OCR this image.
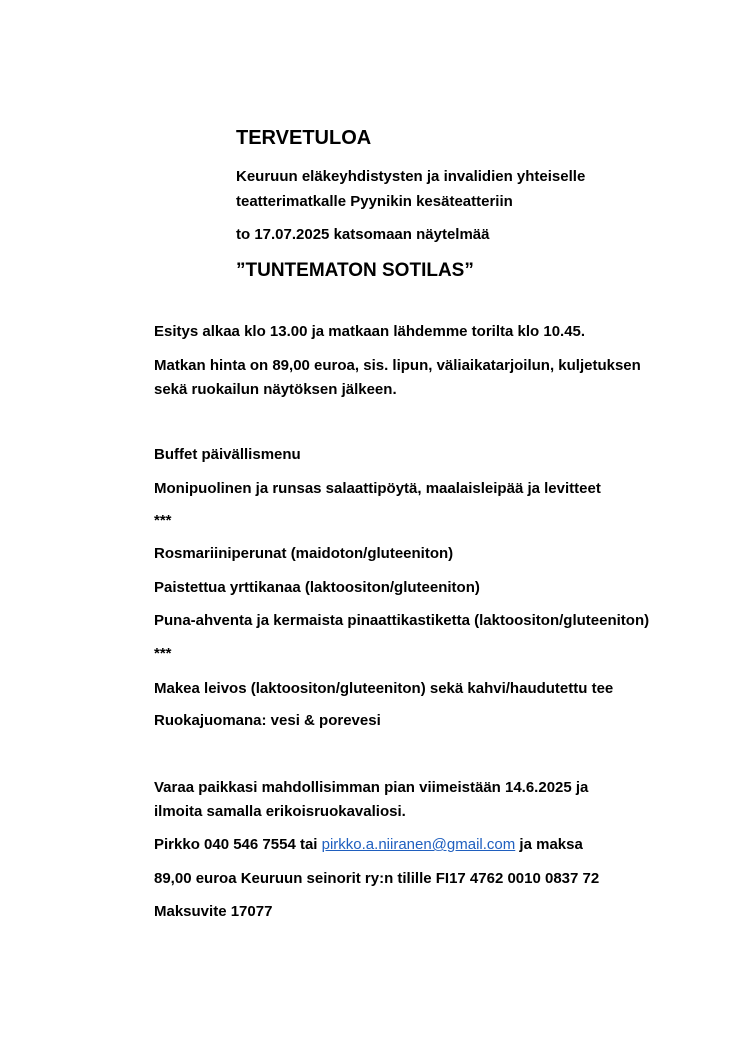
TERVETULOA
Keuruun eläkeyhdistysten ja invalidien yhteiselle
teatterimatkalle Pyynikin kesäteatteriin
to 17.07.2025 katsomaan näytelmää
”TUNTEMATON SOTILAS”
Esitys alkaa klo 13.00 ja matkaan lähdemme torilta klo 10.45.
Matkan hinta on 89,00 euroa, sis. lipun, väliaikatarjoilun, kuljetuksen
sekä ruokailun näytöksen jälkeen.
Buffet päivällismenu
Monipuolinen ja runsas salaattipöytä, maalaisleipää ja levitteet
***
Rosmariiniperunat (maidoton/gluteeniton)
Paistettua yrttikanaa (laktoositon/gluteeniton)
Puna-ahventa ja kermaista pinaattikastiketta (laktoositon/gluteeniton)
***
Makea leivos (laktoositon/gluteeniton) sekä kahvi/haudutettu tee
Ruokajuomana: vesi & porevesi
Varaa paikkasi mahdollisimman pian viimeistään 14.6.2025 ja
ilmoita samalla erikoisruokavaliosi.
Pirkko 040 546 7554 tai pirkko.a.niiranen@gmail.com ja maksa
89,00 euroa Keuruun seinorit ry:n tilille FI17 4762 0010 0837 72
Maksuvite 17077
